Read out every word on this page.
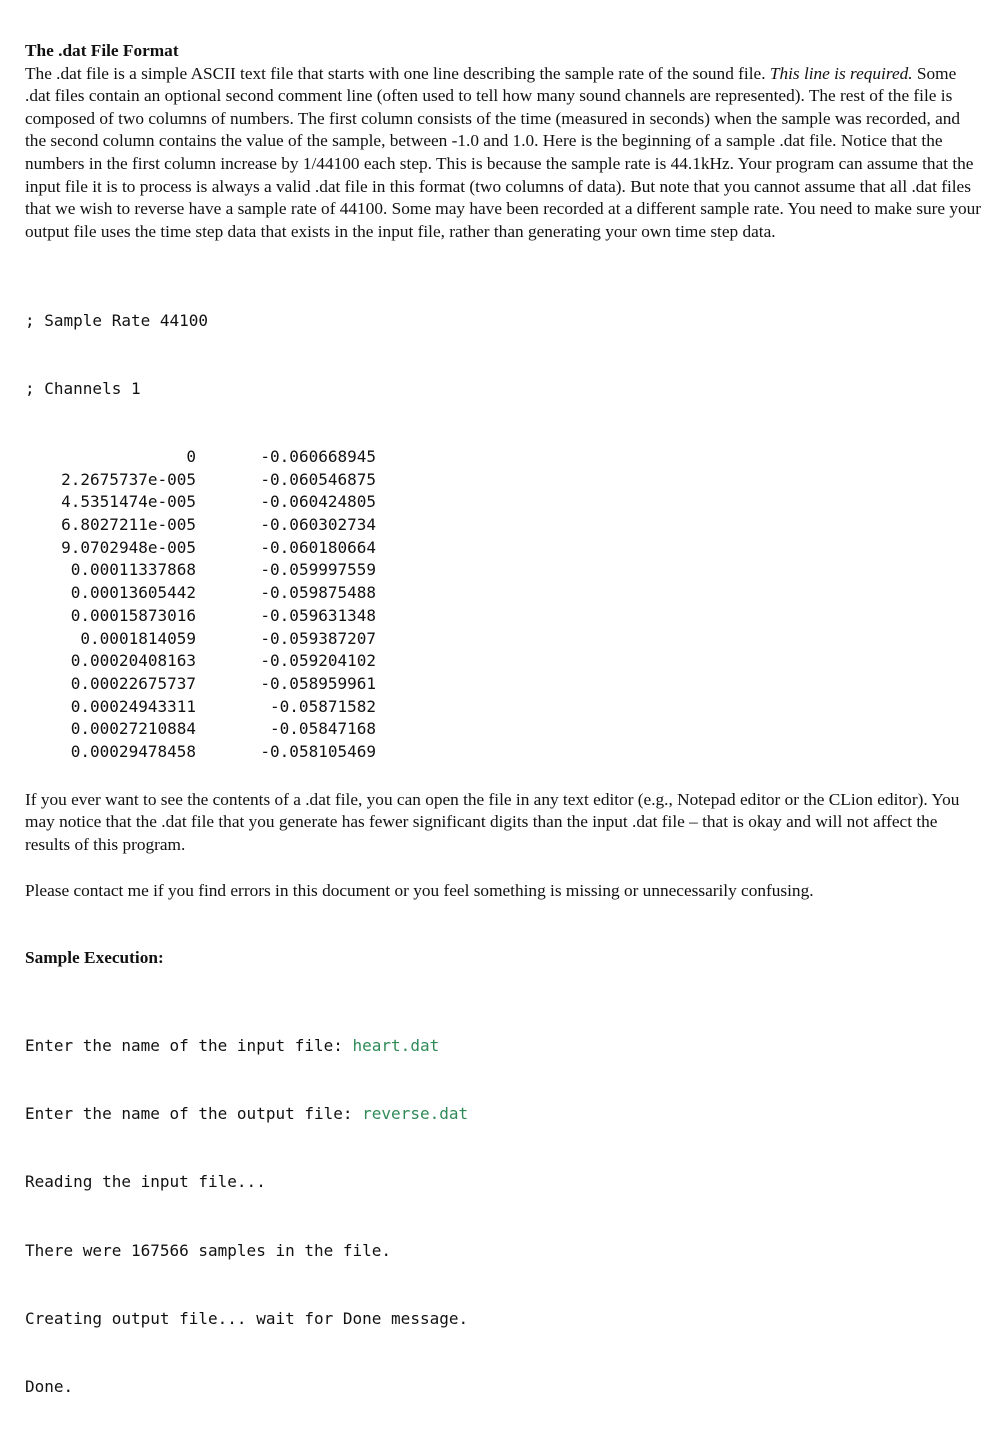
The .dat File Format

The .dat file is a simple ASCII text file that starts with one line describing the sample rate of the sound file. This line is required. Some .dat files contain an optional second comment line (often used to tell how many sound channels are represented). The rest of the file is composed of two columns of numbers. The first column consists of the time (measured in seconds) when the sample was recorded, and the second column contains the value of the sample, between -1.0 and 1.0. Here is the beginning of a sample .dat file. Notice that the numbers in the first column increase by 1/44100 each step. This is because the sample rate is 44.1kHz. Your program can assume that the input file it is to process is always a valid .dat file in this format (two columns of data). But note that you cannot assume that all .dat files that we wish to reverse have a sample rate of 44100. Some may have been recorded at a different sample rate. You need to make sure your output file uses the time step data that exists in the input file, rather than generating your own time step data.

; Sample Rate 44100

; Channels 1

0	-0.060668945
2.2675737e-005	-0.060546875
4.5351474e-005	-0.060424805
6.8027211e-005	-0.060302734
9.0702948e-005	-0.060180664
0.00011337868	-0.059997559
0.00013605442	-0.059875488
0.00015873016	-0.059631348
0.0001814059	-0.059387207
0.00020408163	-0.059204102
0.00022675737	-0.058959961
0.00024943311	-0.05871582
0.00027210884	-0.05847168
0.00029478458	-0.058105469

If you ever want to see the contents of a .dat file, you can open the file in any text editor (e.g., Notepad editor or the CLion editor). You may notice that the .dat file that you generate has fewer significant digits than the input .dat file – that is okay and will not affect the results of this program.

Please contact me if you find errors in this document or you feel something is missing or unnecessarily confusing.

Sample Execution:

Enter the name of the input file: heart.dat

Enter the name of the output file: reverse.dat

Reading the input file...

There were 167566 samples in the file.

Creating output file... wait for Done message.

Done.
